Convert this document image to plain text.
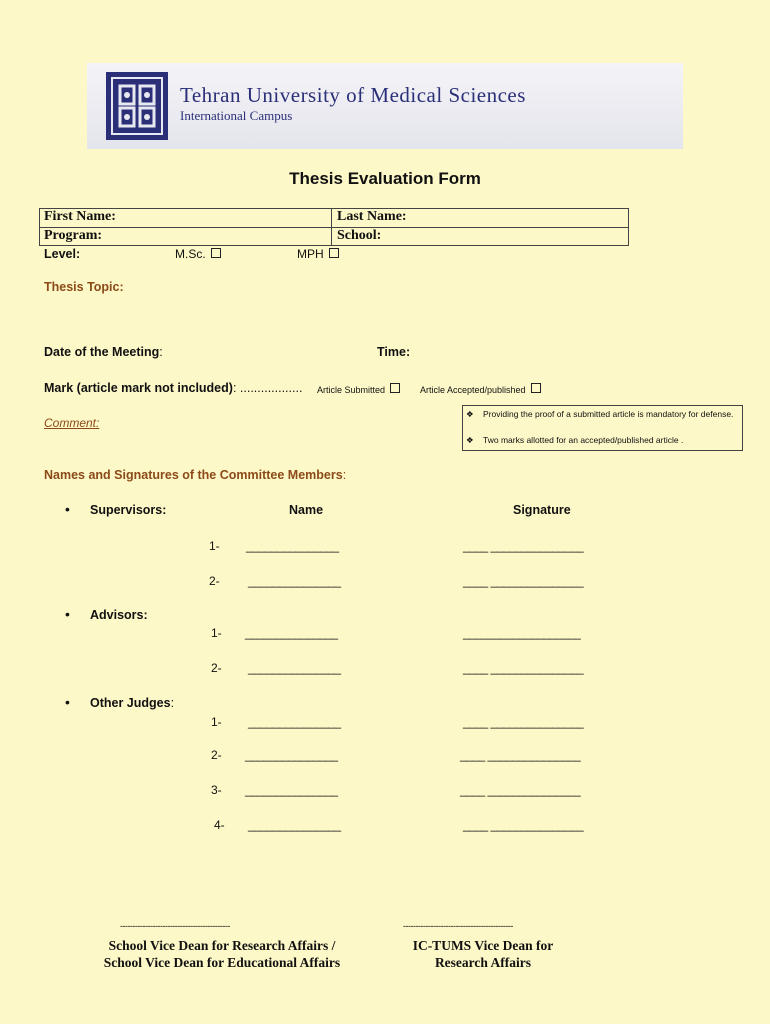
Tehran University of Medical Sciences
International Campus
Thesis Evaluation Form
First Name:	Last Name:
Program:	School:
Level:	M.Sc.	MPH
Thesis Topic:
Date of the Meeting:	Time:
Mark (article mark not included): .................. Article Submitted	Article Accepted/published
❖ Providing the proof of a submitted article is mandatory for defense.
❖ Two marks allotted for an accepted/published article .
Comment:
Names and Signatures of the Committee Members:
• Supervisors:	Name	Signature
1- _______________	____ _______________
2- _______________	____ _______________
• Advisors:
1- _______________	___________________
2- _______________	____ _______________
• Other Judges:
1- _______________	____ _______________
2- _______________	____ _______________
3- _______________	____ _______________
4- _______________	____ _______________
--------------------------------------------	--------------------------------------------
School Vice Dean for Research Affairs /
School Vice Dean for Educational Affairs
IC-TUMS Vice Dean for
Research Affairs
